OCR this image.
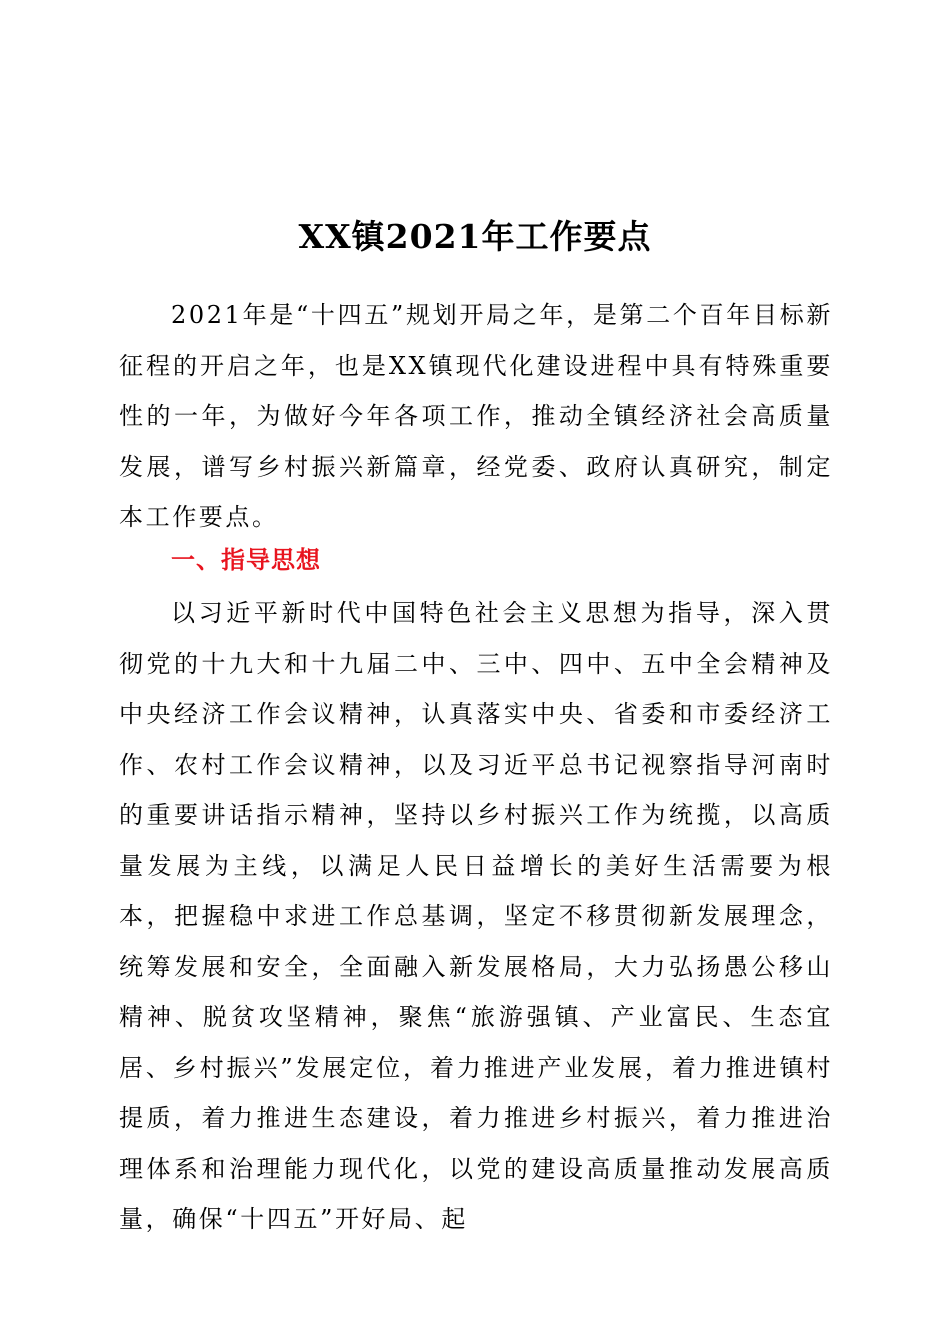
XX镇2021年工作要点

2021年是“十四五”规划开局之年，是第二个百年目标新征程的开启之年，也是XX镇现代化建设进程中具有特殊重要性的一年，为做好今年各项工作，推动全镇经济社会高质量发展，谱写乡村振兴新篇章，经党委、政府认真研究，制定本工作要点。

一、指导思想

以习近平新时代中国特色社会主义思想为指导，深入贯彻党的十九大和十九届二中、三中、四中、五中全会精神及中央经济工作会议精神，认真落实中央、省委和市委经济工作、农村工作会议精神，以及习近平总书记视察指导河南时的重要讲话指示精神，坚持以乡村振兴工作为统揽，以高质量发展为主线，以满足人民日益增长的美好生活需要为根本，把握稳中求进工作总基调，坚定不移贯彻新发展理念，统筹发展和安全，全面融入新发展格局，大力弘扬愚公移山精神、脱贫攻坚精神，聚焦“旅游强镇、产业富民、生态宜居、乡村振兴”发展定位，着力推进产业发展，着力推进镇村提质，着力推进生态建设，着力推进乡村振兴，着力推进治理体系和治理能力现代化，以党的建设高质量推动发展高质量，确保“十四五”开好局、起
